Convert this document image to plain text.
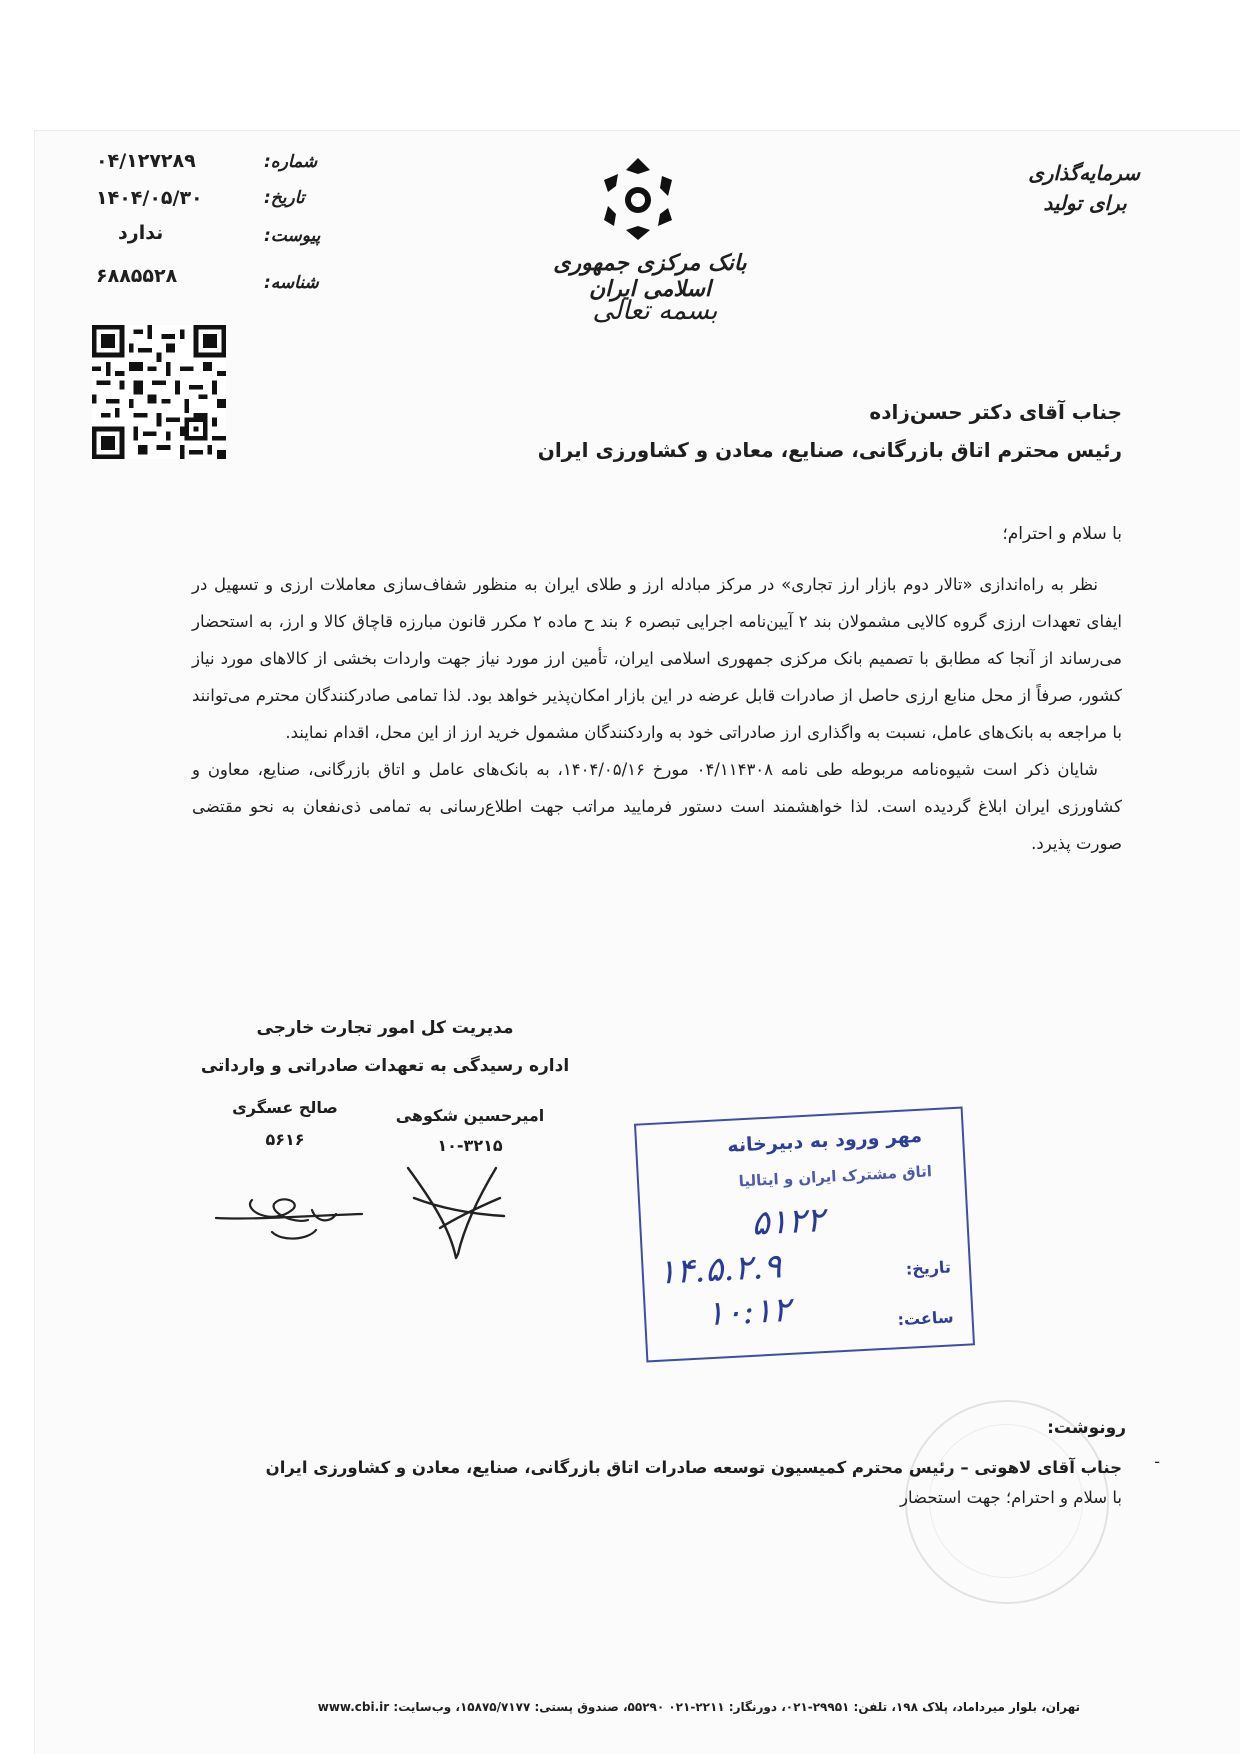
۰۴/۱۲۷۲۸۹	شماره:
۱۴۰۴/۰۵/۳۰	تاریخ:
ندارد	پیوست:
۶۸۸۵۵۲۸	شناسه:
بانک مرکزی جمهوری اسلامی ایران
بسمه تعالی
سرمایه‌گذاری برای تولید
جناب آقای دکتر حسن‌زاده
رئیس محترم اتاق بازرگانی، صنایع، معادن و کشاورزی ایران
با سلام و احترام؛

نظر به راه‌اندازی «تالار دوم بازار ارز تجاری» در مرکز مبادله ارز و طلای ایران به منظور شفاف‌سازی معاملات ارزی و تسهیل در ایفای تعهدات ارزی گروه کالایی مشمولان بند ۲ آیین‌نامه اجرایی تبصره ۶ بند ح ماده ۲ مکرر قانون مبارزه قاچاق کالا و ارز، به استحضار می‌رساند از آنجا که مطابق با تصمیم بانک مرکزی جمهوری اسلامی ایران، تأمین ارز مورد نیاز جهت واردات بخشی از کالاهای مورد نیاز کشور، صرفاً از محل منابع ارزی حاصل از صادرات قابل عرضه در این بازار امکان‌پذیر خواهد بود. لذا تمامی صادرکنندگان محترم می‌توانند با مراجعه به بانک‌های عامل، نسبت به واگذاری ارز صادراتی خود به واردکنندگان مشمول خرید ارز از این محل، اقدام نمایند.

شایان ذکر است شیوه‌نامه مربوطه طی نامه ۰۴/۱۱۴۳۰۸ مورخ ۱۴۰۴/۰۵/۱۶، به بانک‌های عامل و اتاق بازرگانی، صنایع، معاون و کشاورزی ایران ابلاغ گردیده است. لذا خواهشمند است دستور فرمایید مراتب جهت اطلاع‌رسانی به تمامی ذی‌نفعان به نحو مقتضی صورت پذیرد.

مدیریت کل امور تجارت خارجی
اداره رسیدگی به تعهدات صادراتی و وارداتی
صالح عسگری
۵۶۱۶
امیرحسین شکوهی
۱۰-۳۲۱۵	مهر ورود به دبیرخانه
اتاق مشترک ایران و ایتالیا
۵۱۲۲
تاریخ:
۱۴.۵.۲.۹
ساعت:
۱۰:۱۲
رونوشت:
-
جناب آقای لاهوتی – رئیس محترم کمیسیون توسعه صادرات اتاق بازرگانی، صنایع، معادن و کشاورزی ایران
با سلام و احترام؛ جهت استحضار
تهران، بلوار میرداماد، پلاک ۱۹۸، تلفن: ۲۹۹۵۱-۰۲۱، دورنگار: ۲۲۱۱-۰۲۱ ۵۵۲۹۰، صندوق پستی: ۱۵۸۷۵/۷۱۷۷، وب‌سایت: www.cbi.ir
